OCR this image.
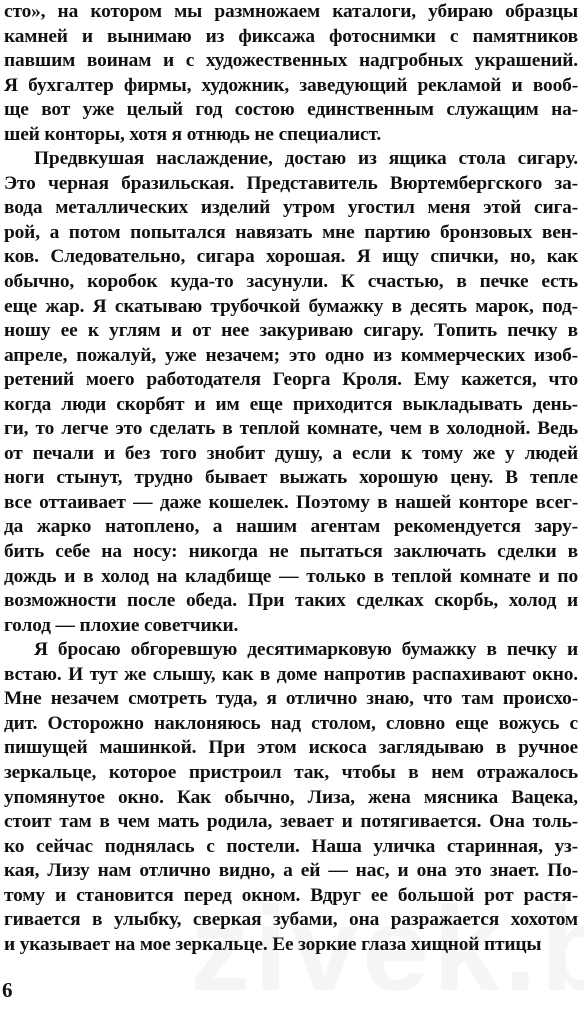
сто», на котором мы размножаем каталоги, убираю образцы
камней и вынимаю из фиксажа фотоснимки с памятников
павшим воинам и с художественных надгробных украшений.
Я бухгалтер фирмы, художник, заведующий рекламой и вооб-
ще вот уже целый год состою единственным служащим на-
шей конторы, хотя я отнюдь не специалист.
Предвкушая наслаждение, достаю из ящика стола сигару.
Это черная бразильская. Представитель Вюртембергского за-
вода металлических изделий утром угостил меня этой сига-
рой, а потом попытался навязать мне партию бронзовых вен-
ков. Следовательно, сигара хорошая. Я ищу спички, но, как
обычно, коробок куда-то засунули. К счастью, в печке есть
еще жар. Я скатываю трубочкой бумажку в десять марок, под-
ношу ее к углям и от нее закуриваю сигару. Топить печку в
апреле, пожалуй, уже незачем; это одно из коммерческих изоб-
ретений моего работодателя Георга Кроля. Ему кажется, что
когда люди скорбят и им еще приходится выкладывать день-
ги, то легче это сделать в теплой комнате, чем в холодной. Ведь
от печали и без того знобит душу, а если к тому же у людей
ноги стынут, трудно бывает выжать хорошую цену. В тепле
все оттаивает — даже кошелек. Поэтому в нашей конторе всег-
да жарко натоплено, а нашим агентам рекомендуется зару-
бить себе на носу: никогда не пытаться заключать сделки в
дождь и в холод на кладбище — только в теплой комнате и по
возможности после обеда. При таких сделках скорбь, холод и
голод — плохие советчики.
Я бросаю обгоревшую десятимарковую бумажку в печку и
встаю. И тут же слышу, как в доме напротив распахивают окно.
Мне незачем смотреть туда, я отлично знаю, что там происхо-
дит. Осторожно наклоняюсь над столом, словно еще вожусь с
пишущей машинкой. При этом искоса заглядываю в ручное
зеркальце, которое пристроил так, чтобы в нем отражалось
упомянутое окно. Как обычно, Лиза, жена мясника Вацека,
стоит там в чем мать родила, зевает и потягивается. Она толь-
ко сейчас поднялась с постели. Наша уличка старинная, уз-
кая, Лизу нам отлично видно, а ей — нас, и она это знает. По-
тому и становится перед окном. Вдруг ее большой рот растя-
гивается в улыбку, сверкая зубами, она разражается хохотом
и указывает на мое зеркальце. Ее зоркие глаза хищной птицы
6
